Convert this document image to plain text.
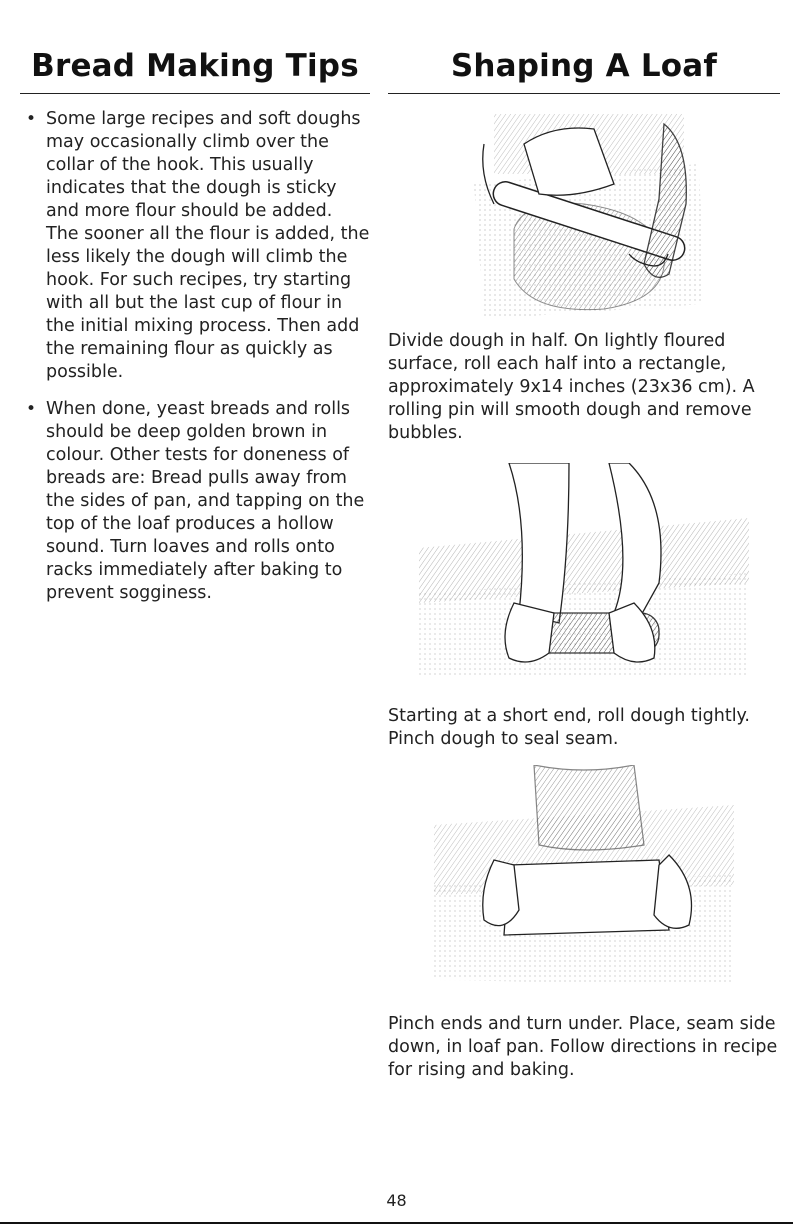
Bread Making Tips
• Some large recipes and soft doughs may occasionally climb over the collar of the hook. This usually indicates that the dough is sticky and more flour should be added. The sooner all the flour is added, the less likely the dough will climb the hook. For such recipes, try starting with all but the last cup of flour in the initial mixing process. Then add the remaining flour as quickly as possible.
• When done, yeast breads and rolls should be deep golden brown in colour. Other tests for doneness of breads are: Bread pulls away from the sides of pan, and tapping on the top of the loaf produces a hollow sound. Turn loaves and rolls onto racks immediately after baking to prevent sogginess.
Shaping A Loaf

Divide dough in half. On lightly floured surface, roll each half into a rectangle, approximately 9x14 inches (23x36 cm). A rolling pin will smooth dough and remove bubbles.

Starting at a short end, roll dough tightly. Pinch dough to seal seam.

Pinch ends and turn under. Place, seam side down, in loaf pan. Follow directions in recipe for rising and baking.

48
